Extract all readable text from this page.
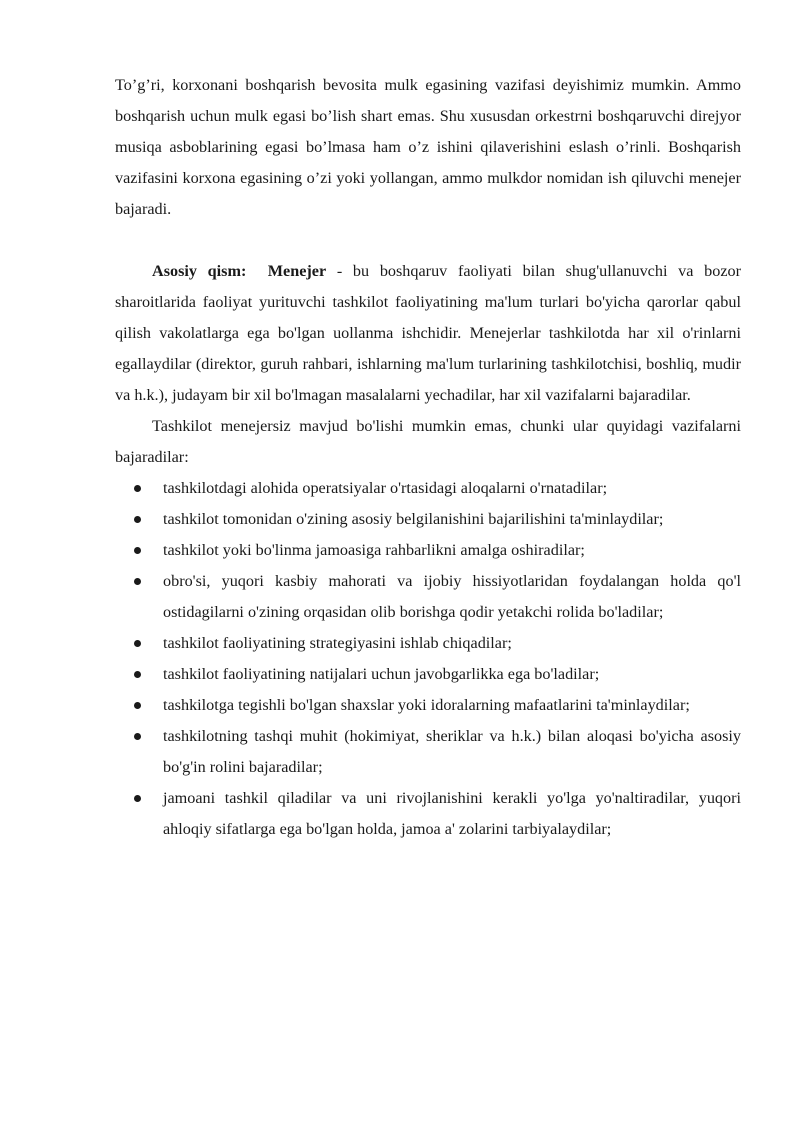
To’g’ri, korxonani boshqarish bevosita mulk egasining vazifasi deyishimiz mumkin. Ammo boshqarish uchun mulk egasi bo’lish shart emas. Shu xususdan orkestrni boshqaruvchi direjyor musiqa asboblarining egasi bo’lmasa ham o’z ishini qilaverishini eslash o’rinli. Boshqarish vazifasini korxona egasining o’zi yoki yollangan, ammo mulkdor nomidan ish qiluvchi menejer bajaradi.

Asosiy qism: Menejer - bu boshqaruv faoliyati bilan shug'ullanuvchi va bozor sharoitlarida faoliyat yurituvchi tashkilot faoliyatining ma'lum turlari bo'yicha qarorlar qabul qilish vakolatlarga ega bo'lgan uollanma ishchidir. Menejerlar tashkilotda har xil o'rinlarni egallaydilar (direktor, guruh rahbari, ishlarning ma'lum turlarining tashkilotchisi, boshliq, mudir va h.k.), judayam bir xil bo'lmagan masalalarni yechadilar, har xil vazifalarni bajaradilar.

Tashkilot menejersiz mavjud bo'lishi mumkin emas, chunki ular quyidagi vazifalarni bajaradilar:

tashkilotdagi alohida operatsiyalar o'rtasidagi aloqalarni o'rnatadilar;
tashkilot tomonidan o'zining asosiy belgilanishini bajarilishini ta'minlaydilar;
tashkilot yoki bo'linma jamoasiga rahbarlikni amalga oshiradilar;
obro'si, yuqori kasbiy mahorati va ijobiy hissiyotlaridan foydalangan holda qo'l ostidagilarni o'zining orqasidan olib borishga qodir yetakchi rolida bo'ladilar;
tashkilot faoliyatining strategiyasini ishlab chiqadilar;
tashkilot faoliyatining natijalari uchun javobgarlikka ega bo'ladilar;
tashkilotga tegishli bo'lgan shaxslar yoki idoralarning mafaatlarini ta'minlaydilar;
tashkilotning tashqi muhit (hokimiyat, sheriklar va h.k.) bilan aloqasi bo'yicha asosiy bo'g'in rolini bajaradilar;
jamoani tashkil qiladilar va uni rivojlanishini kerakli yo'lga yo'naltiradilar, yuqori ahloqiy sifatlarga ega bo'lgan holda, jamoa a' zolarini tarbiyalaydilar;
